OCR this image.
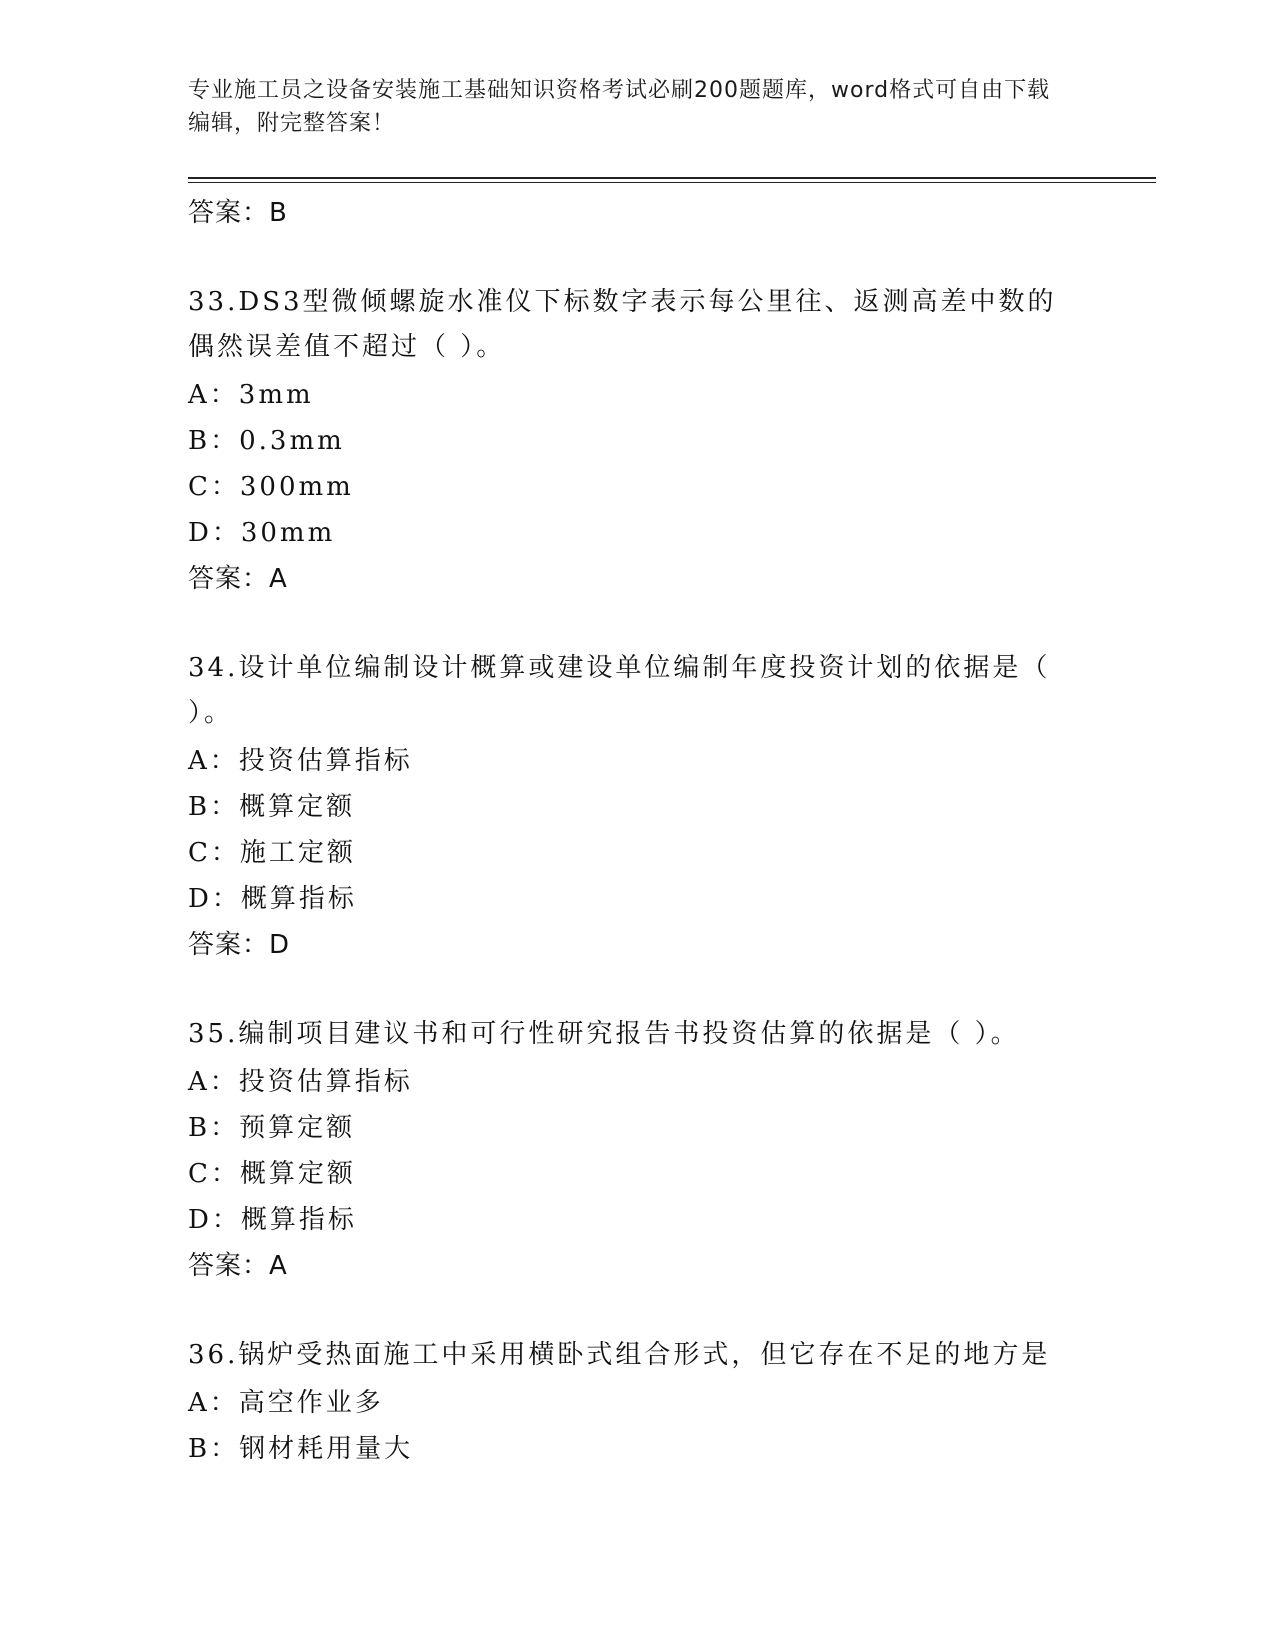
专业施工员之设备安装施工基础知识资格考试必刷200题题库，word格式可自由下载编辑，附完整答案！

答案：B

33.DS3型微倾螺旋水准仪下标数字表示每公里往、返测高差中数的偶然误差值不超过（ ）。

A：3mm

B：0.3mm

C：300mm

D：30mm

答案：A

34.设计单位编制设计概算或建设单位编制年度投资计划的依据是（ ）。

A：投资估算指标

B：概算定额

C：施工定额

D：概算指标

答案：D

35.编制项目建议书和可行性研究报告书投资估算的依据是（ ）。

A：投资估算指标

B：预算定额

C：概算定额

D：概算指标

答案：A

36.锅炉受热面施工中采用横卧式组合形式，但它存在不足的地方是

A：高空作业多

B：钢材耗用量大
